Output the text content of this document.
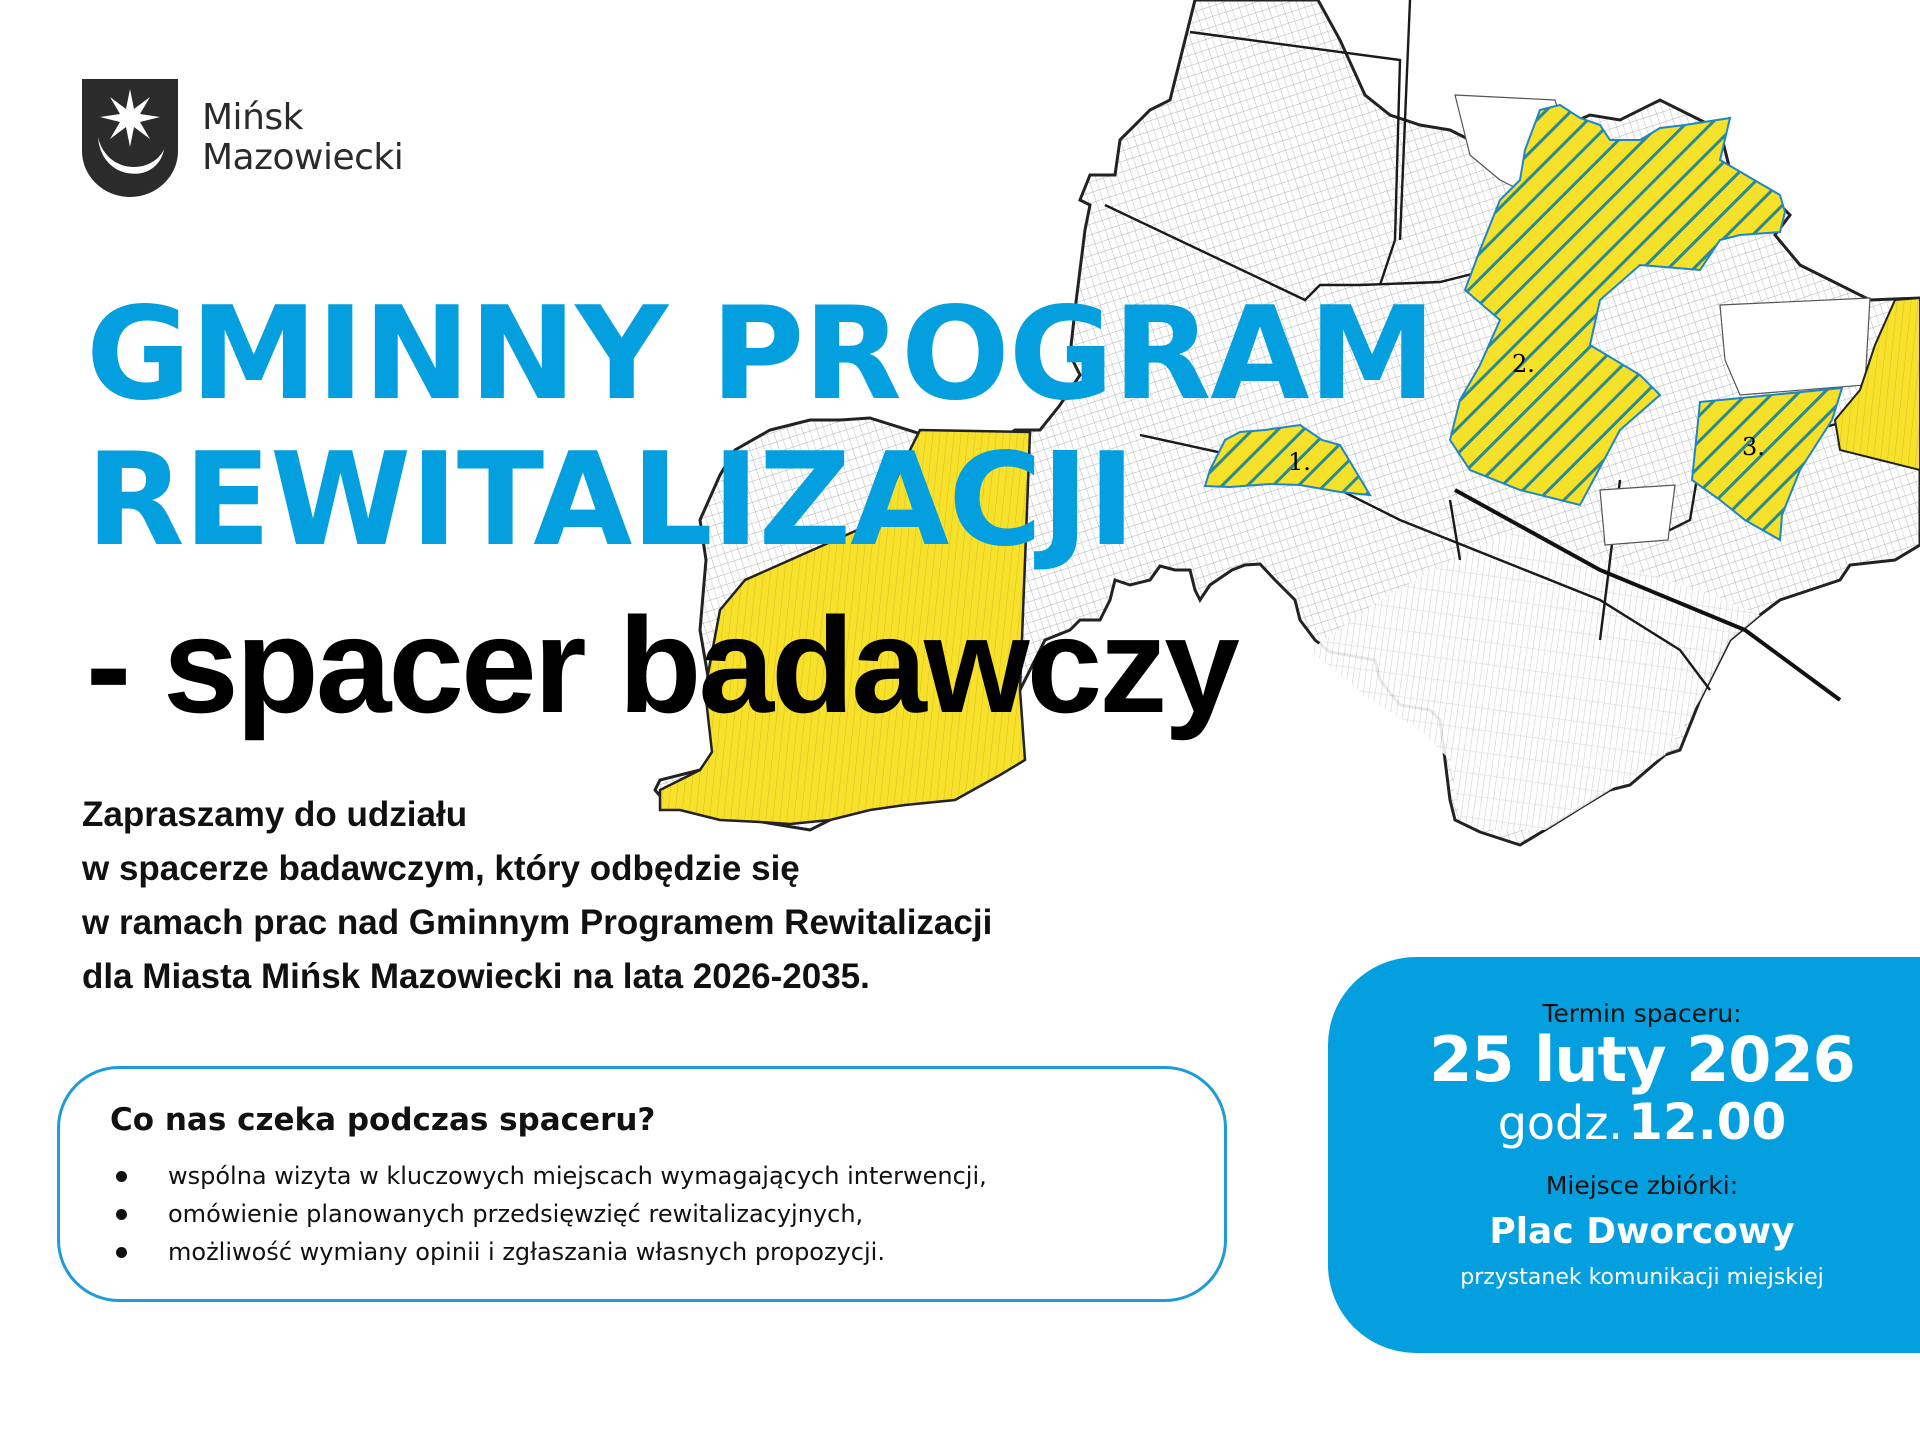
2.
1.
3.
Mińsk
Mazowiecki
GMINNY PROGRAM
REWITALIZACJI
- spacer badawczy
Zapraszamy do udziału
w spacerze badawczym, który odbędzie się
w ramach prac nad Gminnym Programem Rewitalizacji
dla Miasta Mińsk Mazowiecki na lata 2026-2035.
Co nas czeka podczas spaceru?
wspólna wizyta w kluczowych miejscach wymagających interwencji,
omówienie planowanych przedsięwzięć rewitalizacyjnych,
możliwość wymiany opinii i zgłaszania własnych propozycji.
Termin spaceru:
25 luty 2026
godz. 12.00
Miejsce zbiórki:
Plac Dworcowy
przystanek komunikacji miejskiej
